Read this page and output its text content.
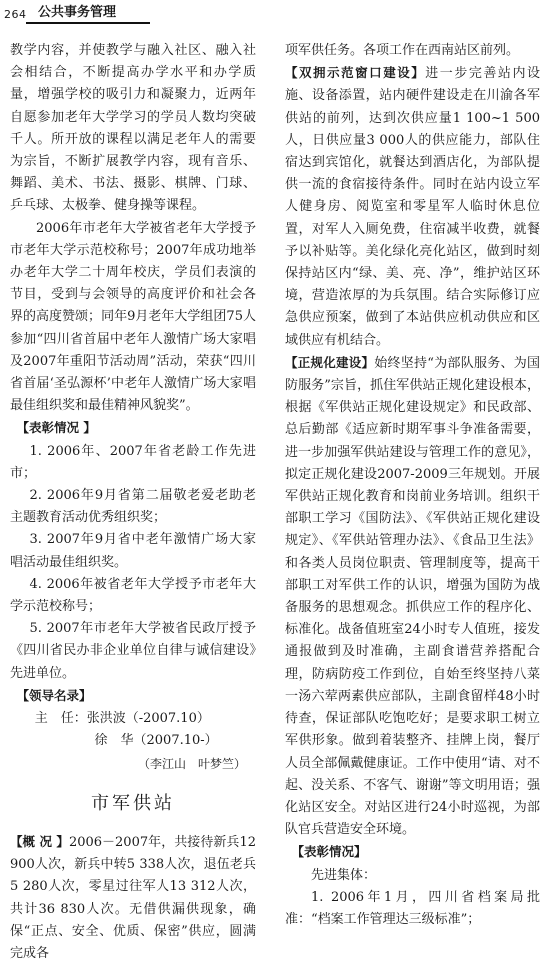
264 公共事务管理

教学内容，并使教学与融入社区、融入社会相结合，不断提高办学水平和办学质量，增强学校的吸引力和凝聚力，近两年自愿参加老年大学学习的学员人数均突破千人。所开放的课程以满足老年人的需要为宗旨，不断扩展教学内容，现有音乐、舞蹈、美术、书法、摄影、棋牌、门球、乒乓球、太极拳、健身操等课程。

2006年市老年大学被省老年大学授予市老年大学示范校称号；2007年成功地举办老年大学二十周年校庆，学员们表演的节目，受到与会领导的高度评价和社会各界的高度赞颂；同年9月老年大学组团75人参加“四川省首届中老年人激情广场大家唱及2007年重阳节活动周”活动，荣获“四川省首届‘圣弘源杯’中老年人激情广场大家唱最佳组织奖和最佳精神风貌奖”。

【表彰情况 】

1. 2006年、2007年省老龄工作先进市；

2. 2006年9月省第二届敬老爱老助老主题教育活动优秀组织奖；

3. 2007年9月省中老年激情广场大家唱活动最佳组织奖。

4. 2006年被省老年大学授予市老年大学示范校称号；

5. 2007年市老年大学被省民政厅授予《四川省民办非企业单位自律与诚信建设》先进单位。

【领导名录】

主　任：张洪波（-2007.10）

徐　华（2007.10-）

（李江山　叶梦竺）

市军供站

【概 况 】2006－2007年，共接待新兵12 900人次，新兵中转5 338人次，退伍老兵5 280人次，零星过往军人13 312人次，共计36 830人次。无借供漏供现象，确保“正点、安全、优质、保密”供应，圆满完成各

项军供任务。各项工作在西南站区前列。

【双拥示范窗口建设】进一步完善站内设施、设备添置，站内硬件建设走在川渝各军供站的前列，达到次供应量1 100~1 500人，日供应量3 000人的供应能力，部队住宿达到宾馆化，就餐达到酒店化，为部队提供一流的食宿接待条件。同时在站内设立军人健身房、阅览室和零星军人临时休息位置，对军人入厕免费，住宿减半收费，就餐予以补贴等。美化绿化亮化站区，做到时刻保持站区内“绿、美、亮、净”，维护站区环境，营造浓厚的为兵氛围。结合实际修订应急供应预案，做到了本站供应机动供应和区域供应有机结合。

【正规化建设】始终坚持“为部队服务、为国防服务”宗旨，抓住军供站正规化建设根本，根据《军供站正规化建设规定》和民政部、总后勤部《适应新时期军事斗争准备需要，进一步加强军供站建设与管理工作的意见》，拟定正规化建设2007-2009三年规划。开展军供站正规化教育和岗前业务培训。组织干部职工学习《国防法》、《军供站正规化建设规定》、《军供站管理办法》、《食品卫生法》和各类人员岗位职责、管理制度等，提高干部职工对军供工作的认识，增强为国防为战备服务的思想观念。抓供应工作的程序化、标准化。战备值班室24小时专人值班，接发通报做到及时准确，主副食谱营养搭配合理，防病防疫工作到位，自始至终坚持八菜一汤六荤两素供应部队，主副食留样48小时待查，保证部队吃饱吃好；是要求职工树立军供形象。做到着装整齐、挂牌上岗，餐厅人员全部佩戴健康证。工作中使用“请、对不起、没关系、不客气、谢谢”等文明用语；强化站区安全。对站区进行24小时巡视，为部队官兵营造安全环境。

【表彰情况】

先进集体：

1. 2006年1月，四川省档案局批准：“档案工作管理达三级标准”；
